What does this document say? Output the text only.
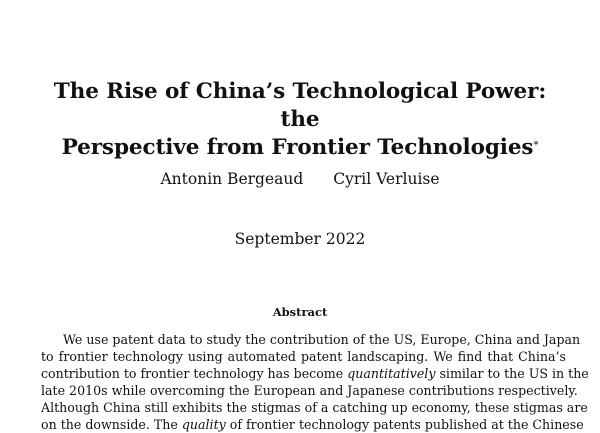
The Rise of China’s Technological Power: the
Perspective from Frontier Technologies*
Antonin Bergeaud Cyril Verluise
September 2022
Abstract
We use patent data to study the contribution of the US, Europe, China and Japan
to frontier technology using automated patent landscaping. We find that China’s
contribution to frontier technology has become quantitatively similar to the US in the
late 2010s while overcoming the European and Japanese contributions respectively.
Although China still exhibits the stigmas of a catching up economy, these stigmas are
on the downside. The quality of frontier technology patents published at the Chinese
